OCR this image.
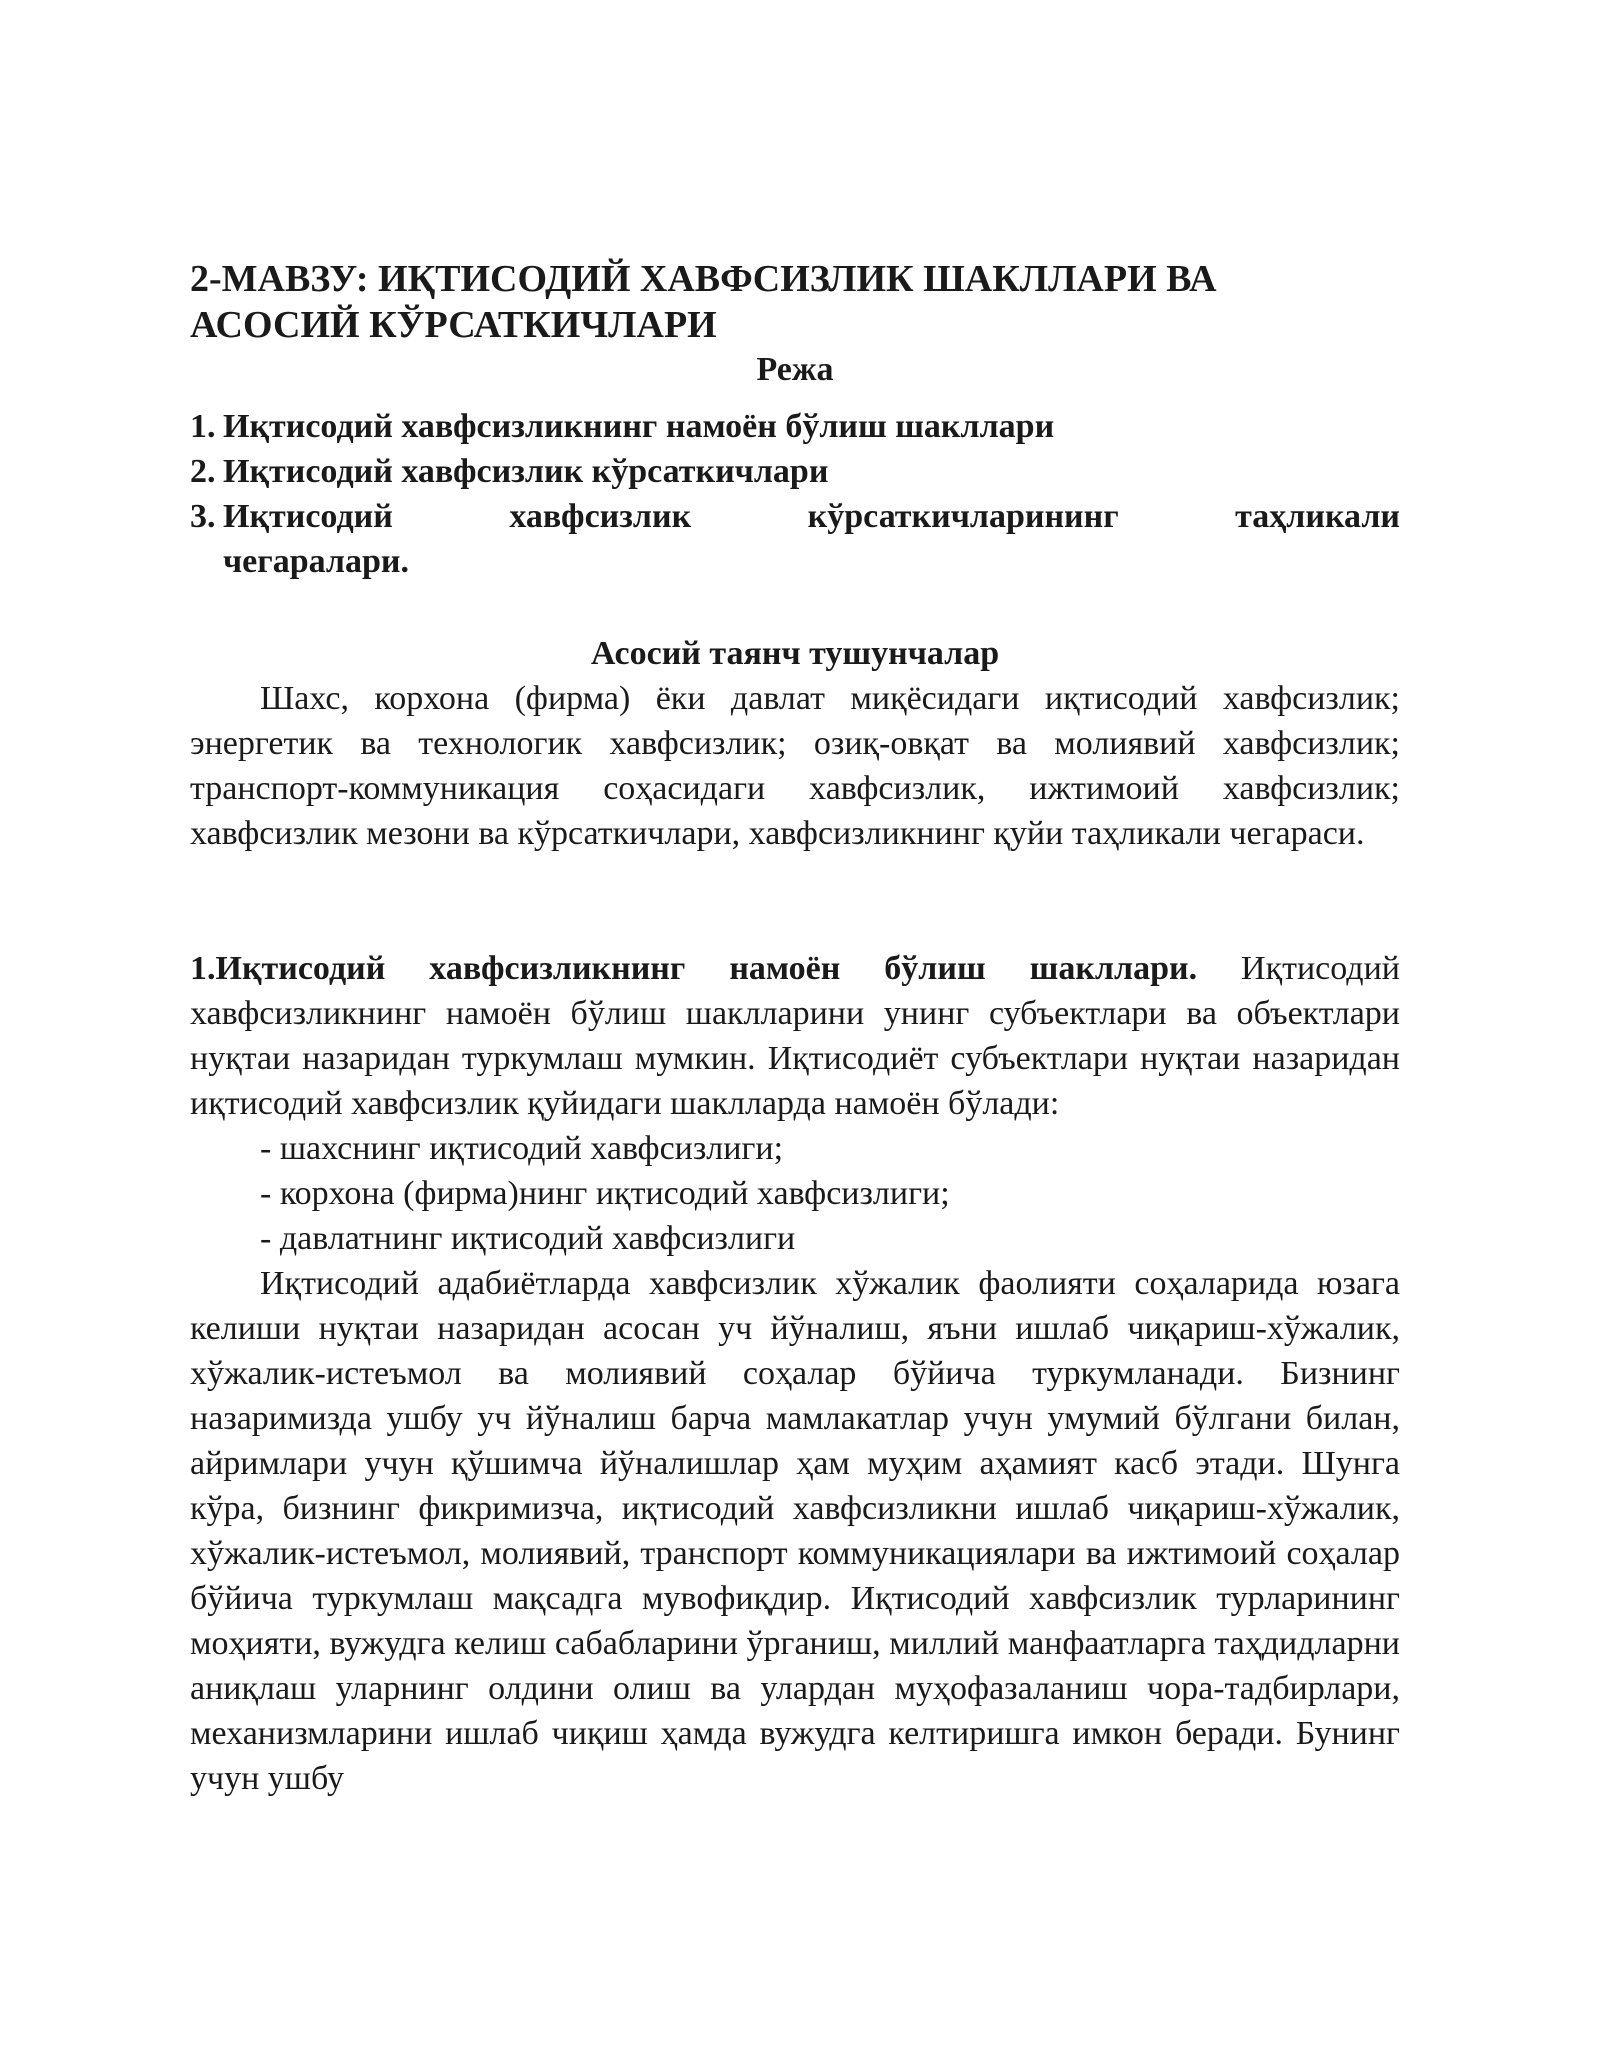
2-МАВЗУ: ИҚТИСОДИЙ ХАВФСИЗЛИК ШАКЛЛАРИ ВА
АСОСИЙ КЎРСАТКИЧЛАРИ
Режа
1. Иқтисодий хавфсизликнинг намоён бўлиш шакллари
2. Иқтисодий хавфсизлик кўрсаткичлари
3. Иқтисодий хавфсизлик кўрсаткичларининг таҳликали
чегаралари.
Асосий таянч тушунчалар

Шахс, корхона (фирма) ёки давлат миқёсидаги иқтисодий хавфсизлик; энергетик ва технологик хавфсизлик; озиқ-овқат ва молиявий хавфсизлик; транспорт-коммуникация соҳасидаги хавфсизлик, ижтимоий хавфсизлик; хавфсизлик мезони ва кўрсаткичлари, хавфсизликнинг қуйи таҳликали чегараси.

1.Иқтисодий хавфсизликнинг намоён бўлиш шакллари. Иқтисодий хавфсизликнинг намоён бўлиш шаклларини унинг субъектлари ва объектлари нуқтаи назаридан туркумлаш мумкин. Иқтисодиёт субъектлари нуқтаи назаридан иқтисодий хавфсизлик қуйидаги шаклларда намоён бўлади:

- шахснинг иқтисодий хавфсизлиги;
- корхона (фирма)нинг иқтисодий хавфсизлиги;
- давлатнинг иқтисодий хавфсизлиги

Иқтисодий адабиётларда хавфсизлик хўжалик фаолияти соҳаларида юзага келиши нуқтаи назаридан асосан уч йўналиш, яъни ишлаб чиқариш-хўжалик, хўжалик-истеъмол ва молиявий соҳалар бўйича туркумланади. Бизнинг назаримизда ушбу уч йўналиш барча мамлакатлар учун умумий бўлгани билан, айримлари учун қўшимча йўналишлар ҳам муҳим аҳамият касб этади. Шунга кўра, бизнинг фикримизча, иқтисодий хавфсизликни ишлаб чиқариш-хўжалик, хўжалик-истеъмол, молиявий, транспорт коммуникациялари ва ижтимоий соҳалар бўйича туркумлаш мақсадга мувофиқдир. Иқтисодий хавфсизлик турларининг моҳияти, вужудга келиш сабабларини ўрганиш, миллий манфаатларга таҳдидларни аниқлаш уларнинг олдини олиш ва улардан муҳофазаланиш чора-тадбирлари, механизмларини ишлаб чиқиш ҳамда вужудга келтиришга имкон беради. Бунинг учун ушбу
